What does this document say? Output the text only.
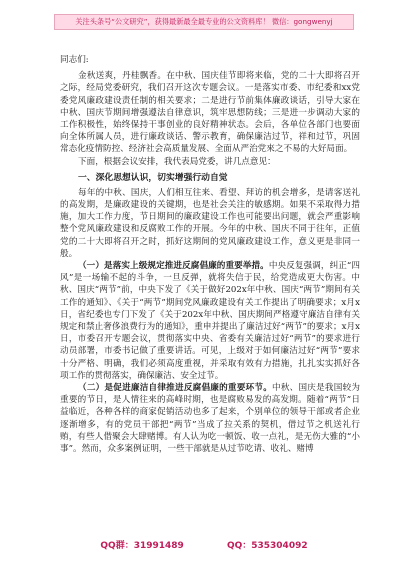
关注头条号“公文研究”，获得最新最全最专业的公文资料库！ 微信：gongwenyj

同志们:

金秋送爽，丹桂飘香。在中秋、国庆佳节即将来临，党的二十大即将召开之际，经局党委研究，我们召开这次专题会议。一是落实市委、市纪委和xx党委党风廉政建设责任制的相关要求；二是进行节前集体廉政谈话，引导大家在中秋、国庆节期间增强遵法自律意识，筑牢思想防线；三是进一步调动大家的工作积极性，始终保持干事创业的良好精神状态。会后，各单位各部门也要面向全体所属人员，进行廉政谈话、警示教育，确保廉洁过节，祥和过节，巩固常态化疫情防控、经济社会高质量发展、全面从严治党來之不易的大好局面。

下面，根据会议安排，我代表局党委，讲几点意见：

一、深化思想认识，切实增强行动自觉

每年的中秋、国庆，人们相互往来、看望、拜访的机会增多，是请客送礼的高发期，是廉政建设的关键期，也是社会关注的敏感期。如果不采取得力措施，加大工作力度，节日期间的廉政建设工作也可能要出问题，就会严重影响整个党风廉政建设和反腐败工作的开展。今年的中秋、国庆不同于往年，正值党的二十大即将召开之时，抓好这期间的党风廉政建设工作，意义更是非同一般。

（一）是落实上级规定推进反腐倡廉的重要举措。中央反复强调，纠正“四风”是一场输不起的斗争，一旦反弹，就将失信于民，给党造成更大伤害。中秋、国庆“两节”前，中央下发了《关于做好202x年中秋、国庆“两节”期间有关工作的通知》、《关于“两节”期间党风廉政建设有关工作提出了明确要求；x月x日，省纪委也专门下发了《关于202x年中秋、国庆期间严格遵守廉洁自律有关规定和禁止奢侈浪费行为的通知》，重申并提出了廉洁过好“两节”的要求；x月x日，市委召开专题会议，贯彻落实中央、省委有关廉洁过好“两节”的要求进行动员部署，市委书记做了重要讲话。可见，上级对于如何廉洁过好“两节”要求十分严格、明确，我们必须高度重视，并采取有效有力措施，扎扎实实抓好各项工作的贯彻落实，确保廉洁、安全过节。

（二）是促进廉洁自律推进反腐倡廉的重要环节。中秋、国庆是我国较为重要的节日，是人情往来的高峰时期，也是腐败易发的高发期。随着“两节”日益临近，各种各样的商家促销活动也多了起来，个别单位的领导干部或者企业逐渐增多，有的党员干部把“两节”当成了拉关系的契机，借过节之机送礼行贿，有些人借聚会大肆赌博。有人认为吃一顿饭、收一点礼，是无伤大雅的“小事”。然而，众多案例证明，一些干部就是从过节吃请、收礼、赌博

QQ群：31991489	QQ：535304092
